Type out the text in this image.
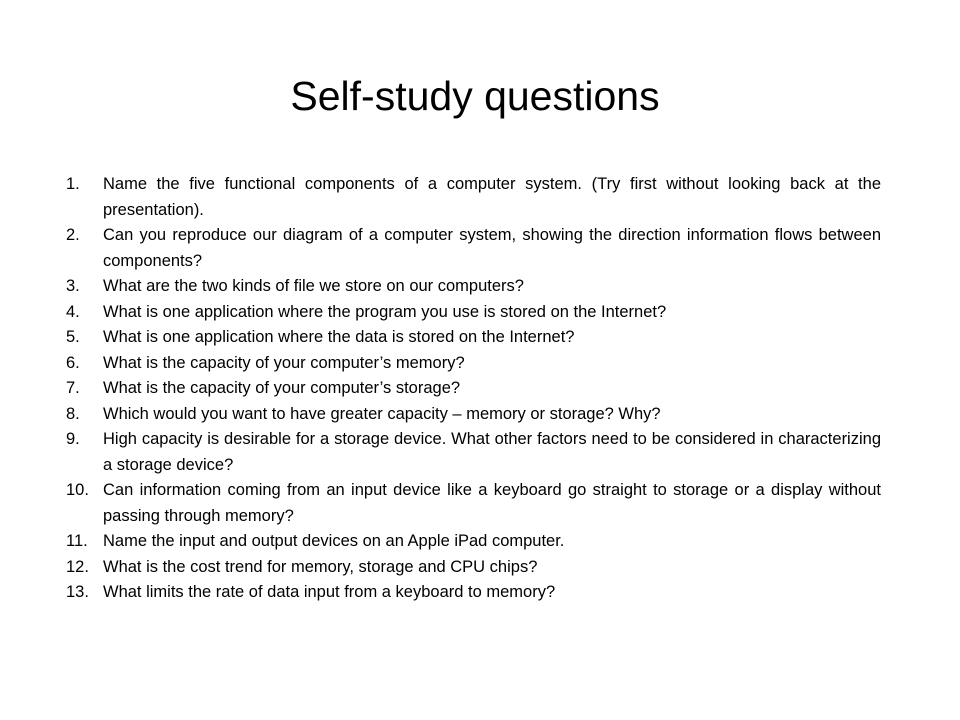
Self-study questions
1.	Name the five functional components of a computer system. (Try first without looking back at the presentation).
2.	Can you reproduce our diagram of a computer system, showing the direction information flows between components?
3.	What are the two kinds of file we store on our computers?
4.	What is one application where the program you use is stored on the Internet?
5.	What is one application where the data is stored on the Internet?
6.	What is the capacity of your computer’s memory?
7.	What is the capacity of your computer’s storage?
8.	Which would you want to have greater capacity – memory or storage? Why?
9.	High capacity is desirable for a storage device. What other factors need to be considered in characterizing a storage device?
10. Can information coming from an input device like a keyboard go straight to storage or a display without passing through memory?
11. Name the input and output devices on an Apple iPad computer.
12. What is the cost trend for memory, storage and CPU chips?
13. What limits the rate of data input from a keyboard to memory?
